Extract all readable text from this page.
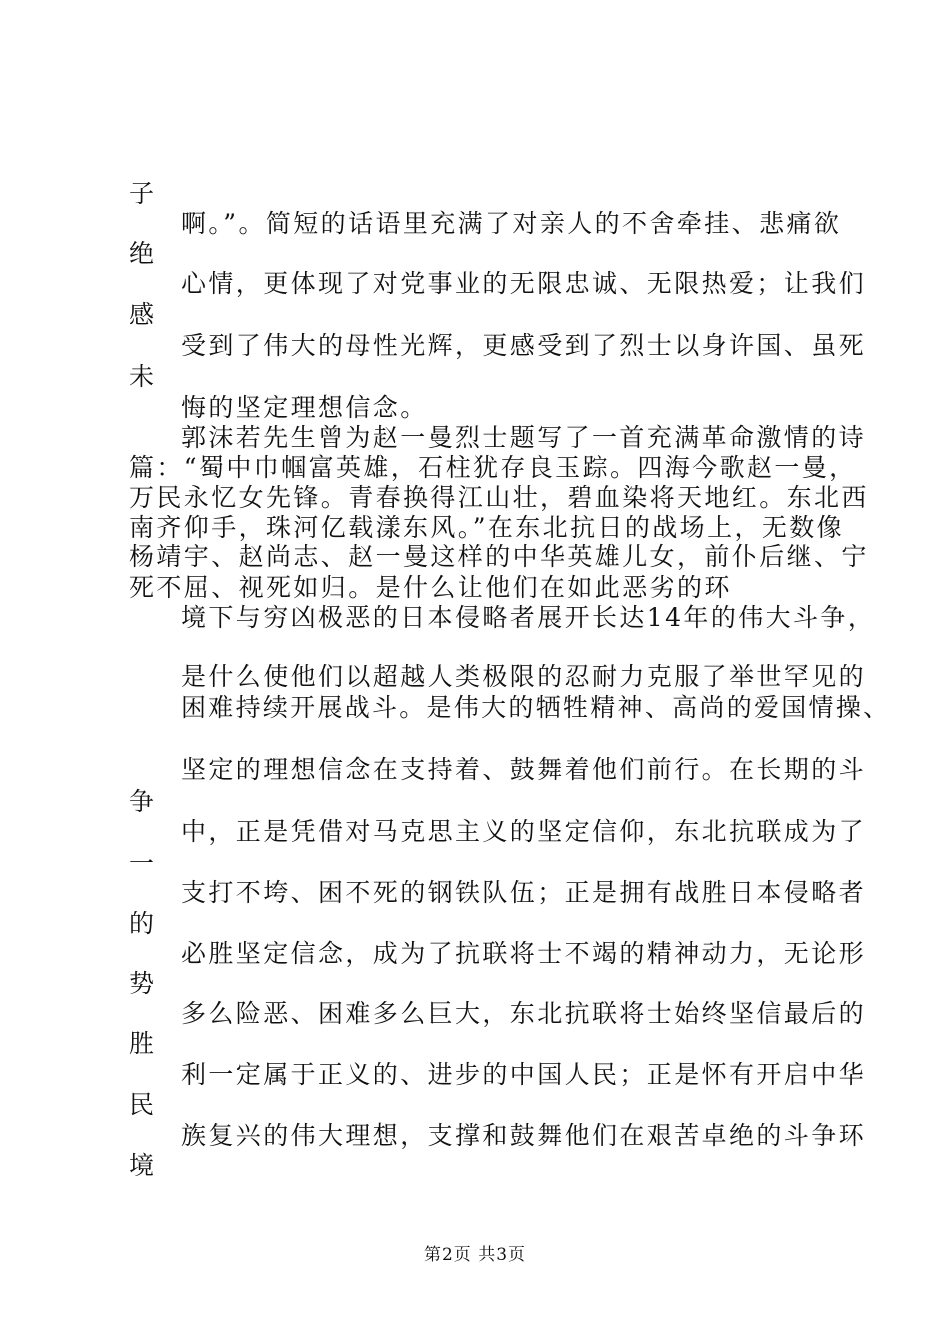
子
绝
感
未
争
一
的
势
胜
民
境
啊。”。简短的话语里充满了对亲人的不舍牵挂、悲痛欲
心情，更体现了对党事业的无限忠诚、无限热爱；让我们
受到了伟大的母性光辉，更感受到了烈士以身许国、虽死
悔的坚定理想信念。
郭沫若先生曾为赵一曼烈士题写了一首充满革命激情的诗
篇：“蜀中巾帼富英雄，石柱犹存良玉踪。四海今歌赵一曼，
万民永忆女先锋。青春换得江山壮，碧血染将天地红。东北西
南齐仰手，珠河亿载漾东风。”在东北抗日的战场上，无数像
杨靖宇、赵尚志、赵一曼这样的中华英雄儿女，前仆后继、宁
死不屈、视死如归。是什么让他们在如此恶劣的环
境下与穷凶极恶的日本侵略者展开长达14年的伟大斗争，
是什么使他们以超越人类极限的忍耐力克服了举世罕见的
困难持续开展战斗。是伟大的牺牲精神、高尚的爱国情操、
坚定的理想信念在支持着、鼓舞着他们前行。在长期的斗
中，正是凭借对马克思主义的坚定信仰，东北抗联成为了
支打不垮、困不死的钢铁队伍；正是拥有战胜日本侵略者
必胜坚定信念，成为了抗联将士不竭的精神动力，无论形
多么险恶、困难多么巨大，东北抗联将士始终坚信最后的
利一定属于正义的、进步的中国人民；正是怀有开启中华
族复兴的伟大理想，支撑和鼓舞他们在艰苦卓绝的斗争环
第2页 共3页
